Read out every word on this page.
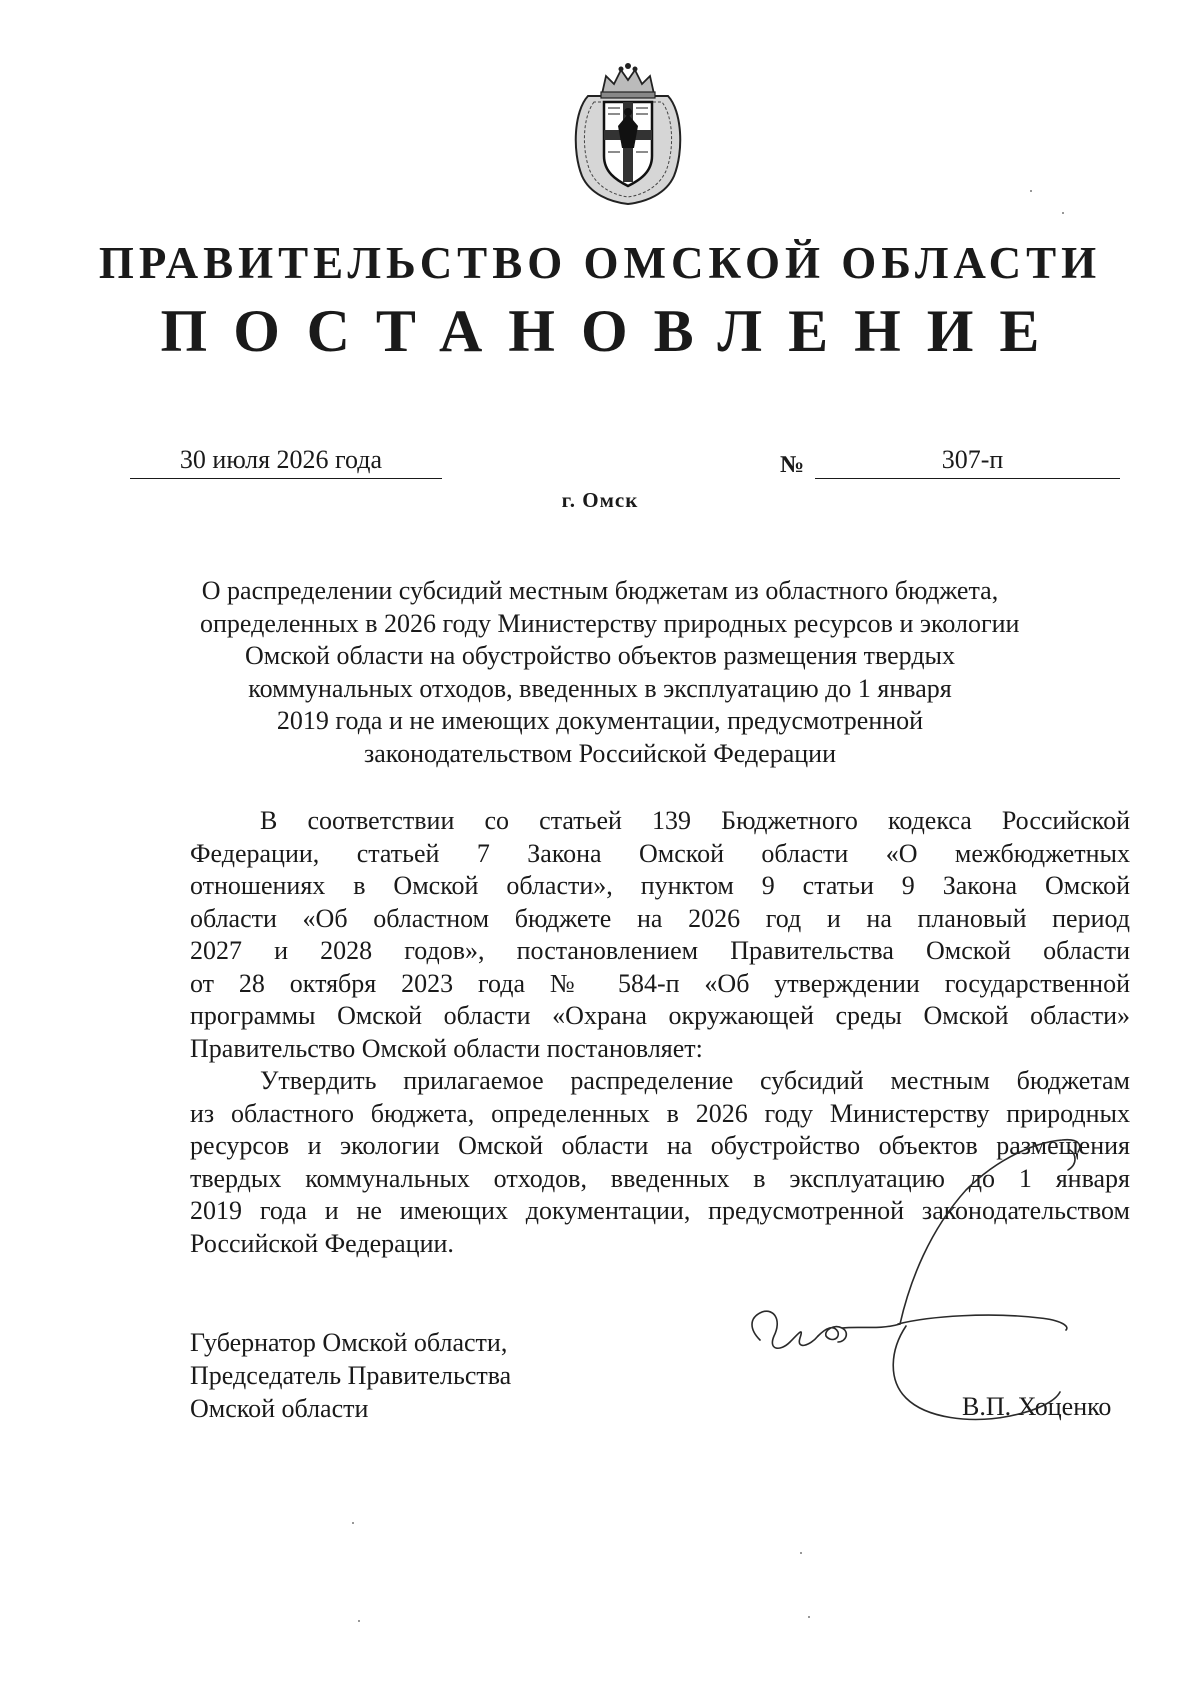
ПРАВИТЕЛЬСТВО ОМСКОЙ ОБЛАСТИ
ПОСТАНОВЛЕНИЕ
30 июля 2026 года	№	307-п
г. Омск

О распределении субсидий местным бюджетам из областного бюджета,
определенных в 2026 году Министерству природных ресурсов и экологии
Омской области на обустройство объектов размещения твердых
коммунальных отходов, введенных в эксплуатацию до 1 января
2019 года и не имеющих документации, предусмотренной
законодательством Российской Федерации

В соответствии со статьей 139 Бюджетного кодекса Российской
Федерации, статьей 7 Закона Омской области «О межбюджетных
отношениях в Омской области», пунктом 9 статьи 9 Закона Омской
области «Об областном бюджете на 2026 год и на плановый период
2027 и 2028 годов», постановлением Правительства Омской области
от 28 октября 2023 года № 584-п «Об утверждении государственной
программы Омской области «Охрана окружающей среды Омской области»
Правительство Омской области постановляет:

Утвердить прилагаемое распределение субсидий местным бюджетам
из областного бюджета, определенных в 2026 году Министерству природных
ресурсов и экологии Омской области на обустройство объектов размещения
твердых коммунальных отходов, введенных в эксплуатацию до 1 января
2019 года и не имеющих документации, предусмотренной законодательством
Российской Федерации.

Губернатор Омской области,
Председатель Правительства
Омской области	В.П. Хоценко
